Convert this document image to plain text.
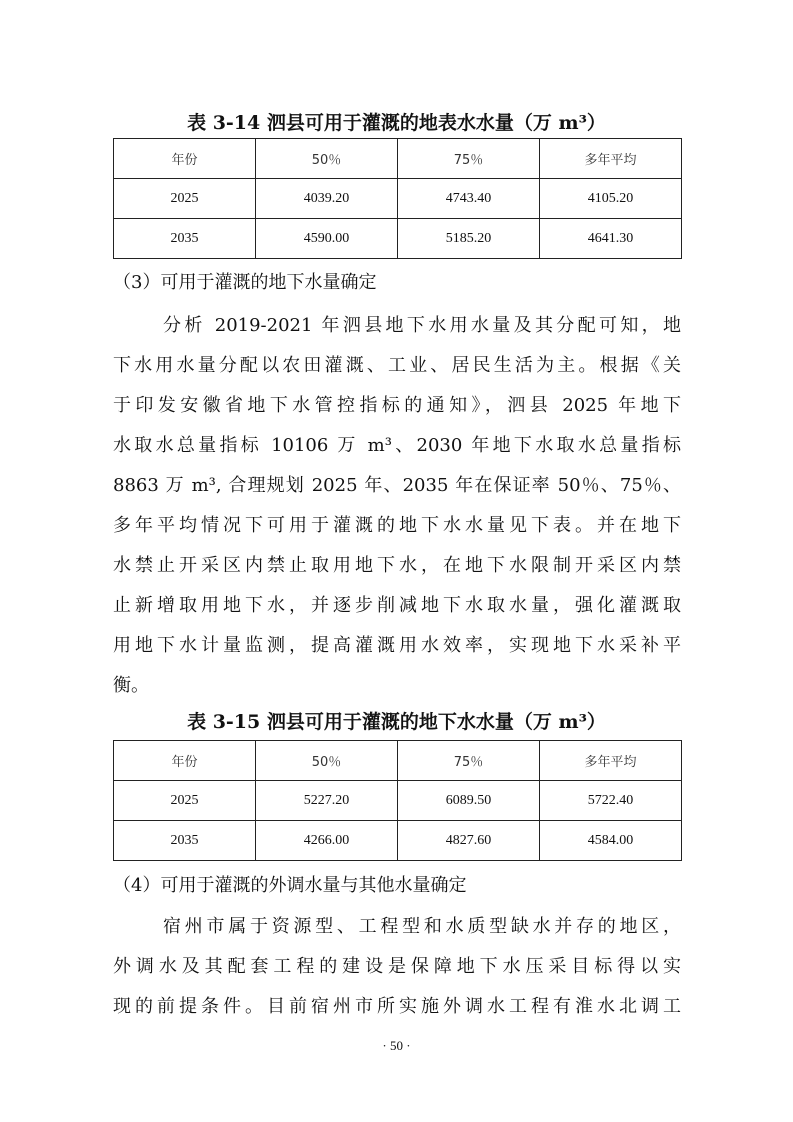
表 3-14 泗县可用于灌溉的地表水水量（万 m³）
年份	50％	75％	多年平均
2025	4039.20	4743.40	4105.20
2035	4590.00	5185.20	4641.30
（3）可用于灌溉的地下水量确定
分析 2019-2021 年泗县地下水用水量及其分配可知，地
下水用水量分配以农田灌溉、工业、居民生活为主。根据《关
于印发安徽省地下水管控指标的通知》，泗县 2025 年地下
水取水总量指标 10106 万 m³、2030 年地下水取水总量指标
8863 万 m³, 合理规划 2025 年、2035 年在保证率 50％、75％、
多年平均情况下可用于灌溉的地下水水量见下表。并在地下
水禁止开采区内禁止取用地下水，在地下水限制开采区内禁
止新增取用地下水，并逐步削减地下水取水量，强化灌溉取
用地下水计量监测，提高灌溉用水效率，实现地下水采补平
衡。
表 3-15 泗县可用于灌溉的地下水水量（万 m³）
年份	50％	75％	多年平均
2025	5227.20	6089.50	5722.40
2035	4266.00	4827.60	4584.00
（4）可用于灌溉的外调水量与其他水量确定
宿州市属于资源型、工程型和水质型缺水并存的地区，
外调水及其配套工程的建设是保障地下水压采目标得以实
现的前提条件。目前宿州市所实施外调水工程有淮水北调工
· 50 ·
